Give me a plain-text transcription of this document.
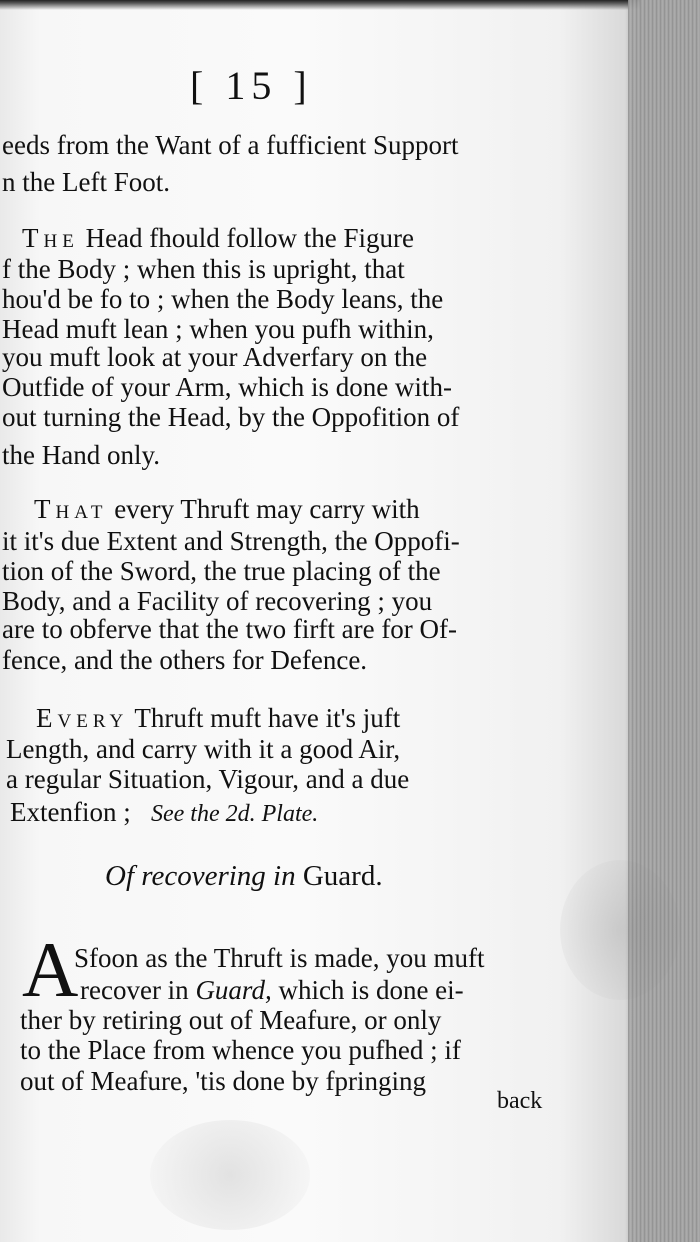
[ 15 ]
eeds from the Want of a fufficient Support
n the Left Foot.
The Head fhould follow the Figure
f the Body ; when this is upright, that
hou'd be fo to ; when the Body leans, the
Head muft lean ; when you pufh within,
you muft look at your Adverfary on the
Outfide of your Arm, which is done with-
out turning the Head, by the Oppofition of
the Hand only.
That every Thruft may carry with
it it's due Extent and Strength, the Oppofi-
tion of the Sword, the true placing of the
Body, and a Facility of recovering ; you
are to obferve that the two firft are for Of-
fence, and the others for Defence.
Every Thruft muft have it's juft
Length, and carry with it a good Air,
a regular Situation, Vigour, and a due
Extenfion ; See the 2d. Plate.
Of recovering in Guard.
A
Sfoon as the Thruft is made, you muft
recover in Guard, which is done ei-
ther by retiring out of Meafure, or only
to the Place from whence you pufhed ; if
out of Meafure, 'tis done by fpringing
back
